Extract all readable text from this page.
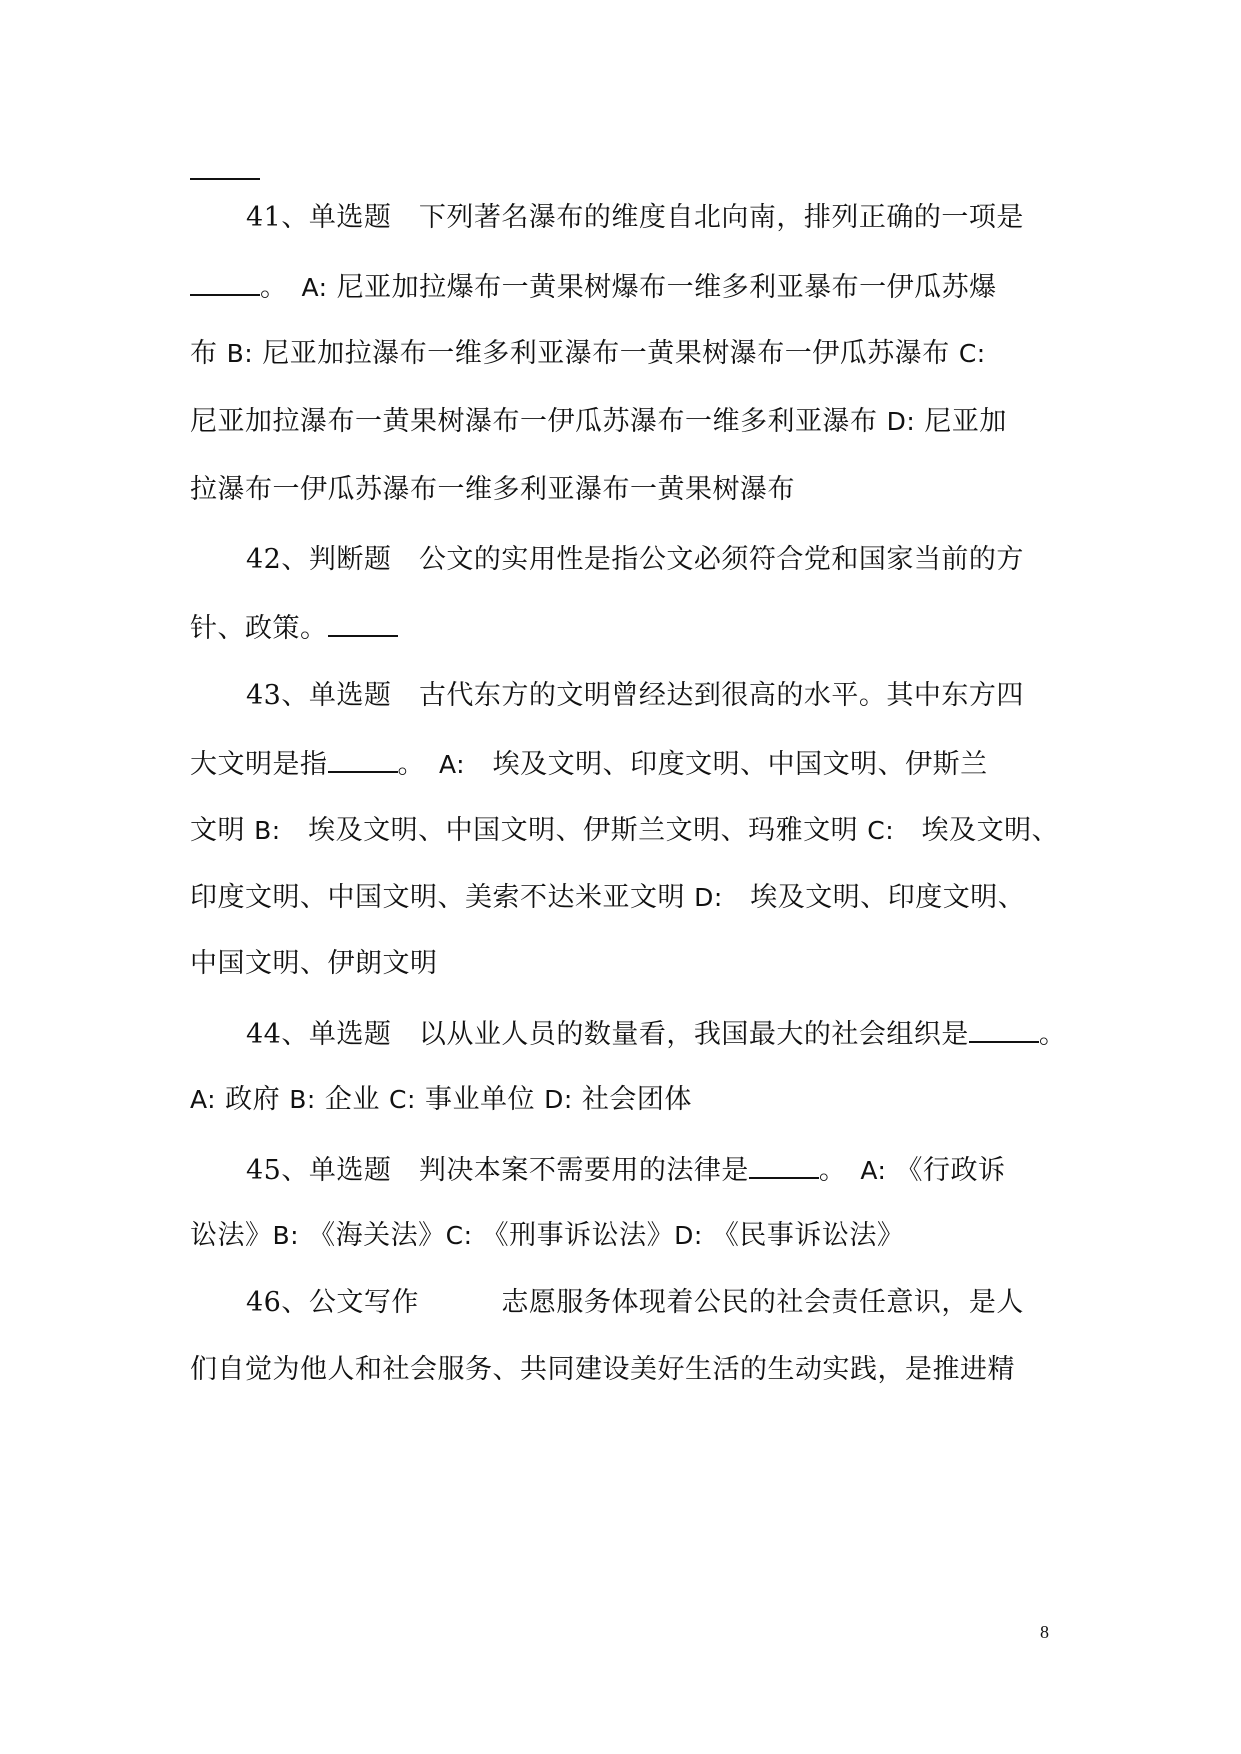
41、单选题　下列著名瀑布的维度自北向南，排列正确的一项是
。　A: 尼亚加拉爆布一黄果树爆布一维多利亚暴布一伊瓜苏爆
布 B: 尼亚加拉瀑布一维多利亚瀑布一黄果树瀑布一伊瓜苏瀑布 C:
尼亚加拉瀑布一黄果树瀑布一伊瓜苏瀑布一维多利亚瀑布 D: 尼亚加
拉瀑布一伊瓜苏瀑布一维多利亚瀑布一黄果树瀑布
42、判断题　公文的实用性是指公文必须符合党和国家当前的方
针、政策。
43、单选题　古代东方的文明曾经达到很高的水平。其中东方四
大文明是指	。　A:　埃及文明、印度文明、中国文明、伊斯兰
文明 B:　埃及文明、中国文明、伊斯兰文明、玛雅文明 C:　埃及文明、
印度文明、中国文明、美索不达米亚文明 D:　埃及文明、印度文明、
中国文明、伊朗文明
44、单选题　以从业人员的数量看，我国最大的社会组织是	。
A: 政府 B: 企业 C: 事业单位 D: 社会团体
45、单选题　判决本案不需要用的法律是	。　A: 《行政诉
讼法》B: 《海关法》C: 《刑事诉讼法》D: 《民事诉讼法》
46、公文写作　　　志愿服务体现着公民的社会责任意识，是人
们自觉为他人和社会服务、共同建设美好生活的生动实践，是推进精
8
